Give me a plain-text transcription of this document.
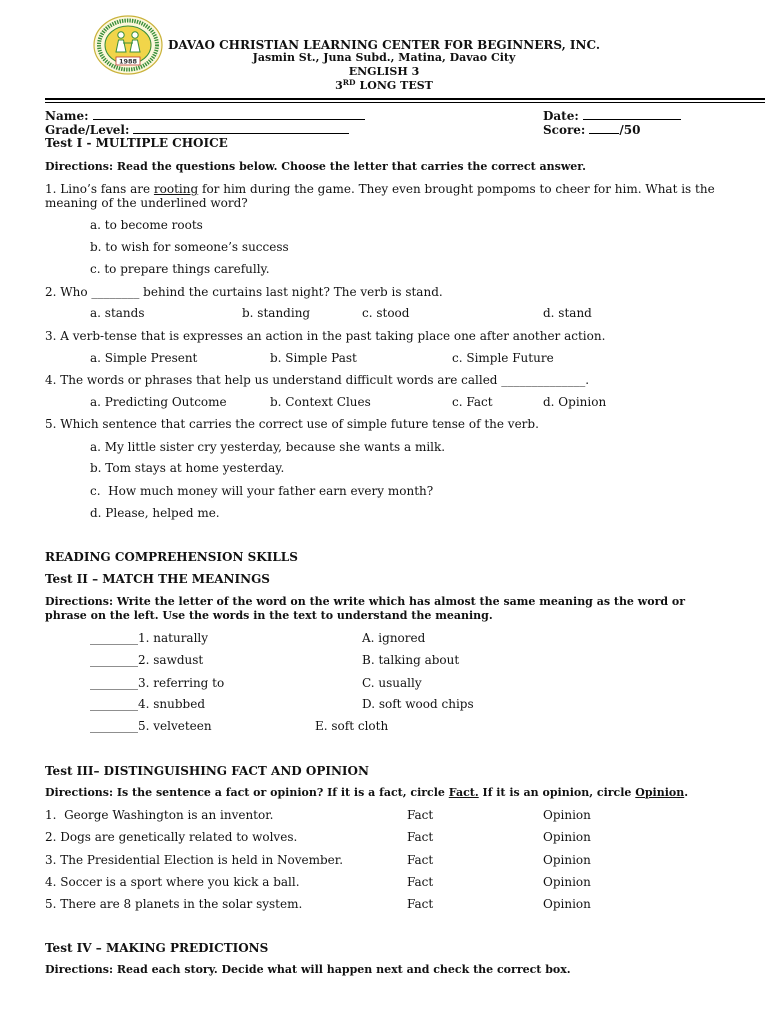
1988
DAVAO CHRISTIAN LEARNING CENTER FOR BEGINNERS, INC.
Jasmin St., Juna Subd., Matina, Davao City
ENGLISH 3
3RD LONG TEST
Name:	Date:
Grade/Level:	Score:	/50
Test I - MULTIPLE CHOICE
Directions: Read the questions below. Choose the letter that carries the correct answer.
1. Lino’s fans are rooting for him during the game. They even brought pompoms to cheer for him. What is the
meaning of the underlined word?
a. to become roots
b. to wish for someone’s success
c. to prepare things carefully.
2. Who ________ behind the curtains last night? The verb is stand.
a. stands	b. standing	c. stood	d. stand
3. A verb-tense that is expresses an action in the past taking place one after another action.
a. Simple Present	b. Simple Past	c. Simple Future
4. The words or phrases that help us understand difficult words are called ______________.
a. Predicting Outcome	b. Context Clues	c. Fact	d. Opinion
5. Which sentence that carries the correct use of simple future tense of the verb.
a. My little sister cry yesterday, because she wants a milk.
b. Tom stays at home yesterday.
c.  How much money will your father earn every month?
d. Please, helped me.
READING COMPREHENSION SKILLS
Test II – MATCH THE MEANINGS
Directions: Write the letter of the word on the write which has almost the same meaning as the word or
phrase on the left. Use the words in the text to understand the meaning.
________1. naturally	A. ignored
________2. sawdust	B. talking about
________3. referring to	C. usually
________4. snubbed	D. soft wood chips
________5. velveteen	E. soft cloth
Test III– DISTINGUISHING FACT AND OPINION
Directions: Is the sentence a fact or opinion? If it is a fact, circle Fact. If it is an opinion, circle Opinion.
1.  George Washington is an inventor.	Fact	Opinion
2. Dogs are genetically related to wolves.	Fact	Opinion
3. The Presidential Election is held in November.	Fact	Opinion
4. Soccer is a sport where you kick a ball.	Fact	Opinion
5. There are 8 planets in the solar system.	Fact	Opinion
Test IV – MAKING PREDICTIONS
Directions: Read each story. Decide what will happen next and check the correct box.
